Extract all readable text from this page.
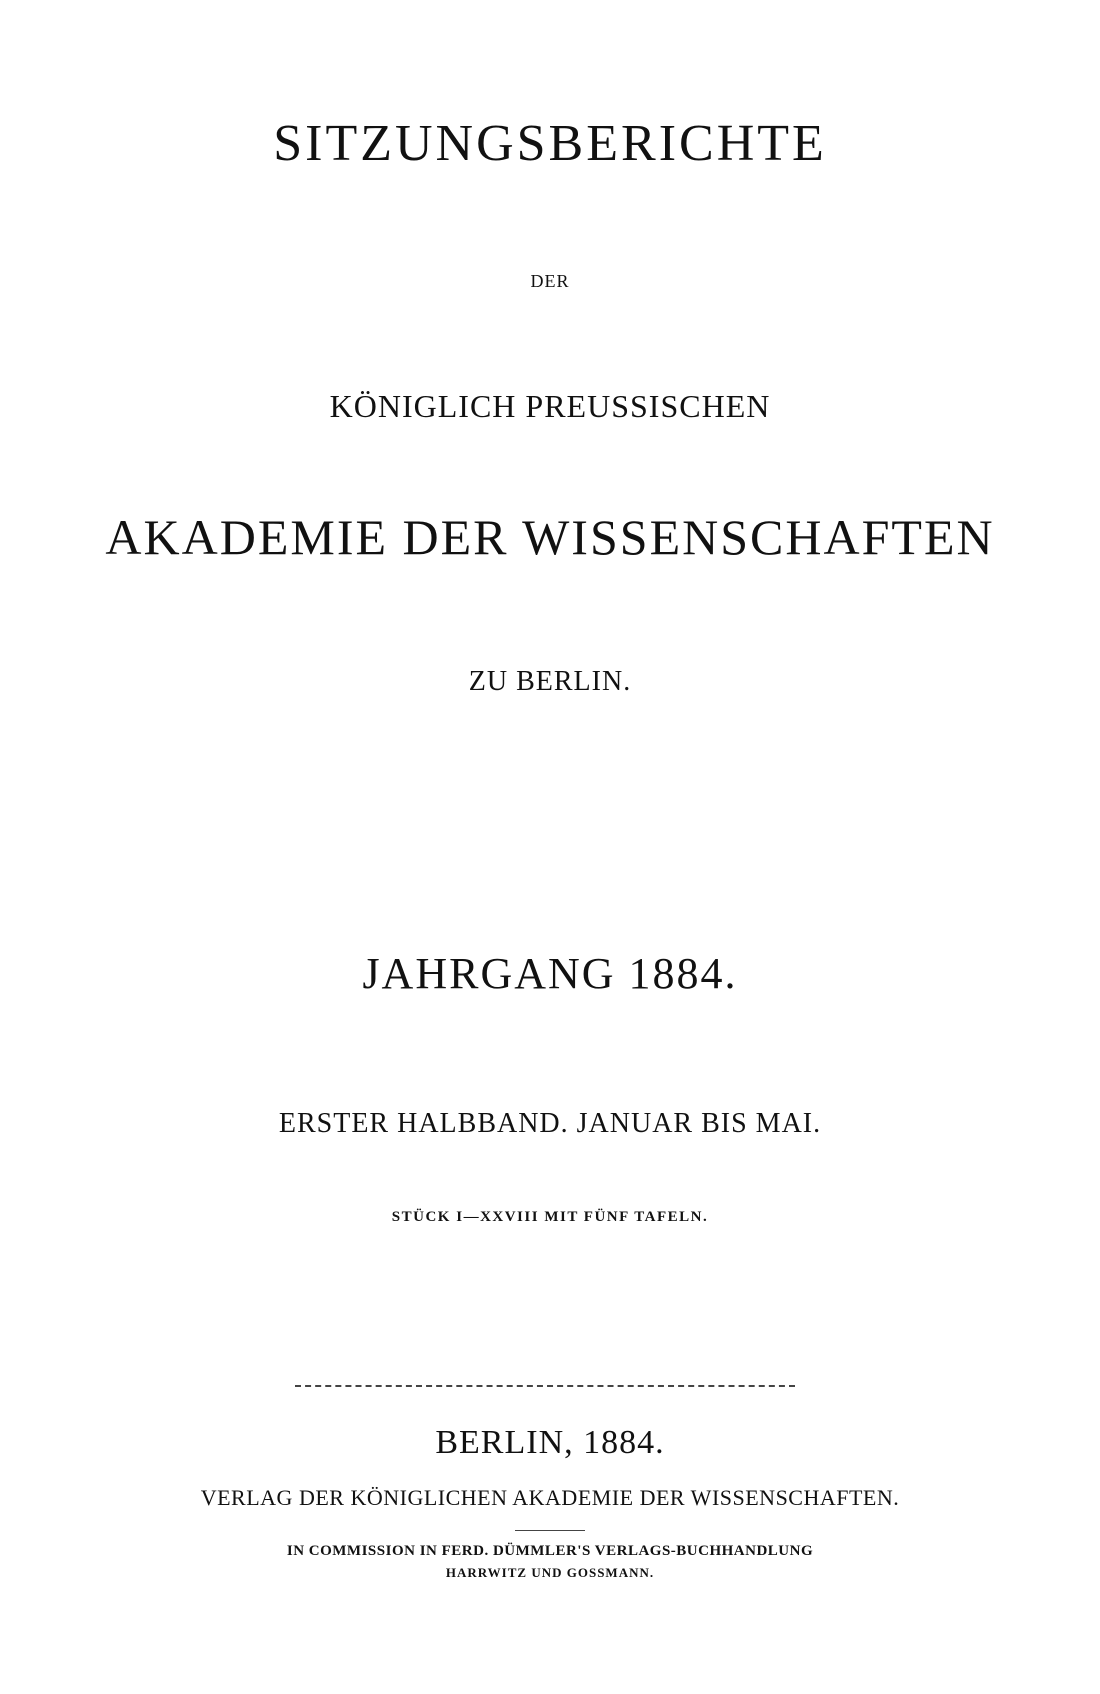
SITZUNGSBERICHTE
DER
KÖNIGLICH PREUSSISCHEN
AKADEMIE DER WISSENSCHAFTEN
ZU BERLIN.
JAHRGANG 1884.
ERSTER HALBBAND. JANUAR BIS MAI.
STÜCK I—XXVIII MIT FÜNF TAFELN.
BERLIN, 1884.
VERLAG DER KÖNIGLICHEN AKADEMIE DER WISSENSCHAFTEN.
IN COMMISSION IN FERD. DÜMMLER'S VERLAGS-BUCHHANDLUNG
HARRWITZ UND GOSSMANN.
